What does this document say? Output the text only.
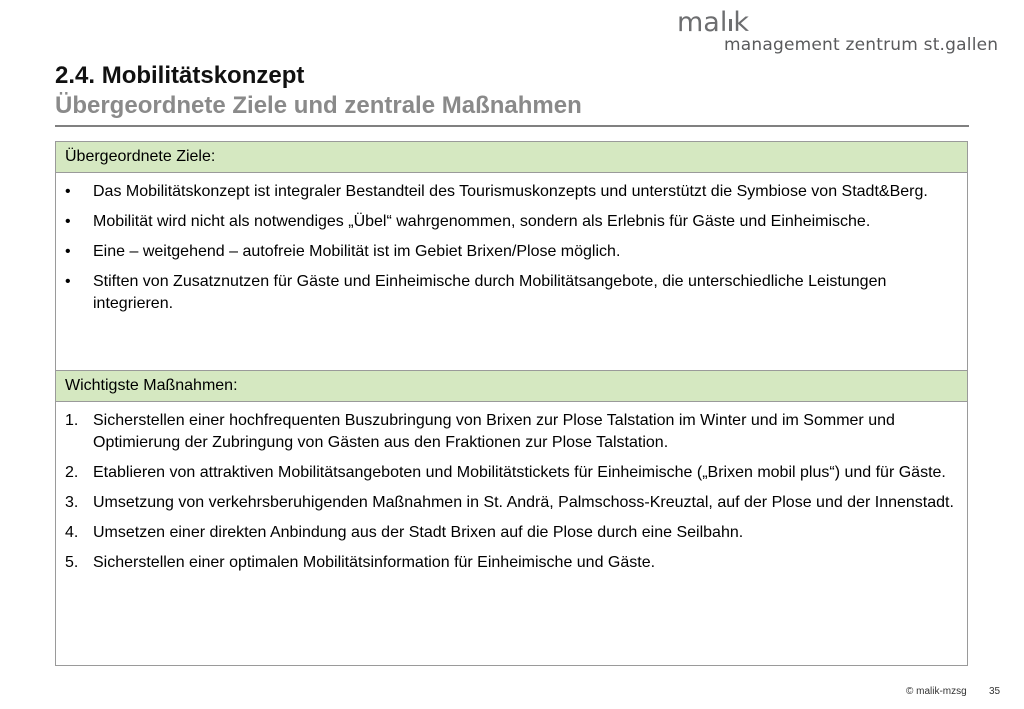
mal k
management zentrum st.gallen
2.4. Mobilitätskonzept
Übergeordnete Ziele und zentrale Maßnahmen
Übergeordnete Ziele:
• Das Mobilitätskonzept ist integraler Bestandteil des Tourismuskonzepts und unterstützt die Symbiose von Stadt&Berg.
• Mobilität wird nicht als notwendiges „Übel“ wahrgenommen, sondern als Erlebnis für Gäste und Einheimische.
• Eine – weitgehend – autofreie Mobilität ist im Gebiet Brixen/Plose möglich.
• Stiften von Zusatznutzen für Gäste und Einheimische durch Mobilitätsangebote, die unterschiedliche Leistungen integrieren.
Wichtigste Maßnahmen:
1. Sicherstellen einer hochfrequenten Buszubringung von Brixen zur Plose Talstation im Winter und im Sommer und Optimierung der Zubringung von Gästen aus den Fraktionen zur Plose Talstation.
2. Etablieren von attraktiven Mobilitätsangeboten und Mobilitätstickets für Einheimische („Brixen mobil plus“) und für Gäste.
3. Umsetzung von verkehrsberuhigenden Maßnahmen in St. Andrä, Palmschoss-Kreuztal, auf der Plose und der Innenstadt.
4. Umsetzen einer direkten Anbindung aus der Stadt Brixen auf die Plose durch eine Seilbahn.
5. Sicherstellen einer optimalen Mobilitätsinformation für Einheimische und Gäste.
© malik-mzsg 35
